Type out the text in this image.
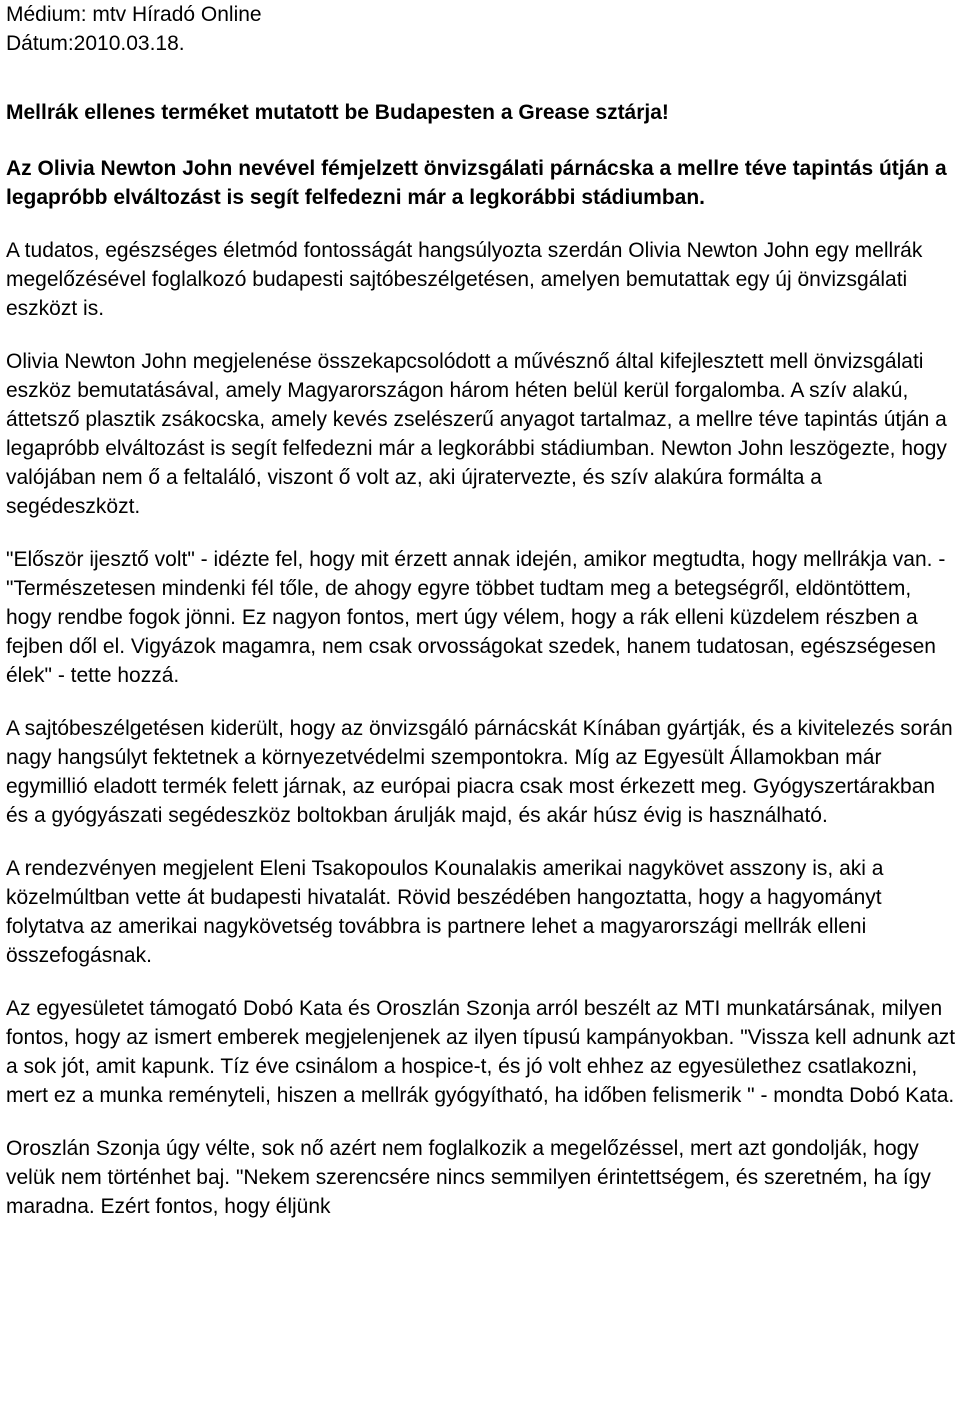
Médium: mtv Híradó Online

Dátum:2010.03.18.

Mellrák ellenes terméket mutatott be Budapesten a Grease sztárja!

Az Olivia Newton John nevével fémjelzett önvizsgálati párnácska a mellre téve tapintás útján a legapróbb elváltozást is segít felfedezni már a legkorábbi stádiumban.

A tudatos, egészséges életmód fontosságát hangsúlyozta szerdán Olivia Newton John egy mellrák megelőzésével foglalkozó budapesti sajtóbeszélgetésen, amelyen bemutattak egy új önvizsgálati eszközt is.

Olivia Newton John megjelenése összekapcsolódott a művésznő által kifejlesztett mell önvizsgálati eszköz bemutatásával, amely Magyarországon három héten belül kerül forgalomba. A szív alakú, áttetsző plasztik zsákocska, amely kevés zselészerű anyagot tartalmaz, a mellre téve tapintás útján a legapróbb elváltozást is segít felfedezni már a legkorábbi stádiumban. Newton John leszögezte, hogy valójában nem ő a feltaláló, viszont ő volt az, aki újratervezte, és szív alakúra formálta a segédeszközt.

"Először ijesztő volt" - idézte fel, hogy mit érzett annak idején, amikor megtudta, hogy mellrákja van. - "Természetesen mindenki fél tőle, de ahogy egyre többet tudtam meg a betegségről, eldöntöttem, hogy rendbe fogok jönni. Ez nagyon fontos, mert úgy vélem, hogy a rák elleni küzdelem részben a fejben dől el. Vigyázok magamra, nem csak orvosságokat szedek, hanem tudatosan, egészségesen élek" - tette hozzá.

A sajtóbeszélgetésen kiderült, hogy az önvizsgáló párnácskát Kínában gyártják, és a kivitelezés során nagy hangsúlyt fektetnek a környezetvédelmi szempontokra. Míg az Egyesült Államokban már egymillió eladott termék felett járnak, az európai piacra csak most érkezett meg. Gyógyszertárakban és a gyógyászati segédeszköz boltokban árulják majd, és akár húsz évig is használható.

A rendezvényen megjelent Eleni Tsakopoulos Kounalakis amerikai nagykövet asszony is, aki a közelmúltban vette át budapesti hivatalát. Rövid beszédében hangoztatta, hogy a hagyományt folytatva az amerikai nagykövetség továbbra is partnere lehet a magyarországi mellrák elleni összefogásnak.

Az egyesületet támogató Dobó Kata és Oroszlán Szonja arról beszélt az MTI munkatársának, milyen fontos, hogy az ismert emberek megjelenjenek az ilyen típusú kampányokban. "Vissza kell adnunk azt a sok jót, amit kapunk. Tíz éve csinálom a hospice-t, és jó volt ehhez az egyesülethez csatlakozni, mert ez a munka reményteli, hiszen a mellrák gyógyítható, ha időben felismerik " - mondta Dobó Kata.

Oroszlán Szonja úgy vélte, sok nő azért nem foglalkozik a megelőzéssel, mert azt gondolják, hogy velük nem történhet baj. "Nekem szerencsére nincs semmilyen érintettségem, és szeretném, ha így maradna. Ezért fontos, hogy éljünk
